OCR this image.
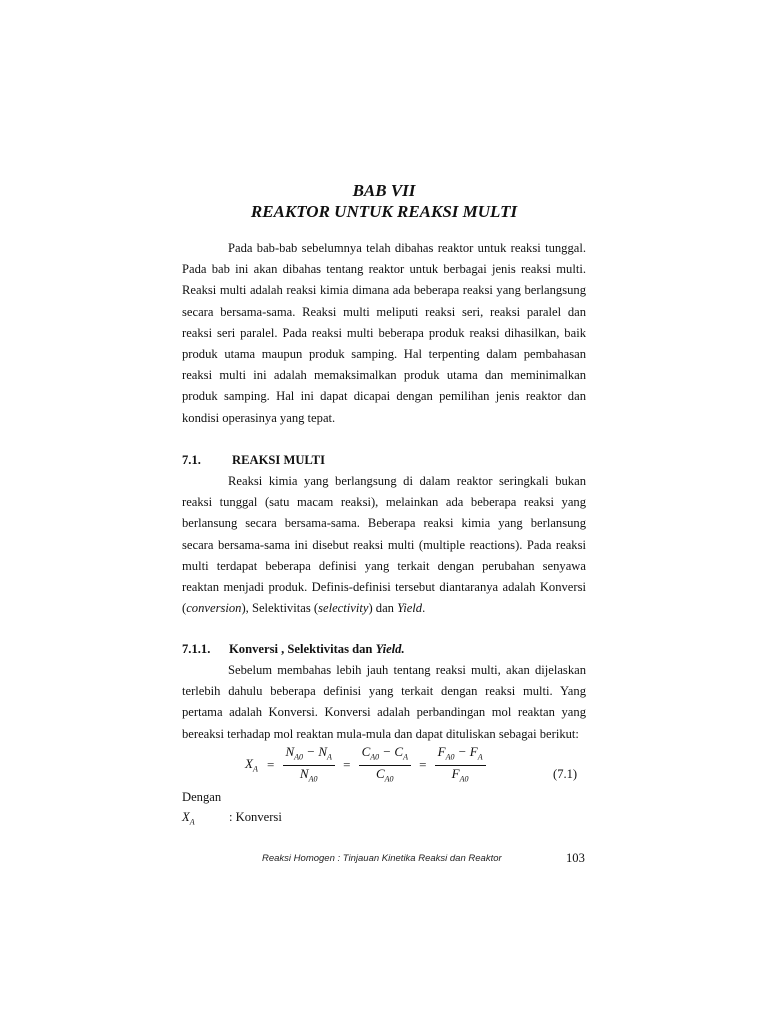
BAB VII
REAKTOR UNTUK REAKSI MULTI
Pada bab-bab sebelumnya telah dibahas reaktor untuk reaksi tunggal. Pada bab ini akan dibahas tentang reaktor untuk berbagai jenis reaksi multi. Reaksi multi adalah reaksi kimia dimana ada beberapa reaksi yang berlangsung secara bersama-sama. Reaksi multi meliputi reaksi seri, reaksi paralel dan reaksi seri paralel. Pada reaksi multi beberapa produk reaksi dihasilkan, baik produk utama maupun produk samping. Hal terpenting dalam pembahasan reaksi multi ini adalah memaksimalkan produk utama dan meminimalkan produk samping. Hal ini dapat dicapai dengan pemilihan jenis reaktor dan kondisi operasinya yang tepat.
7.1. REAKSI MULTI
Reaksi kimia yang berlangsung di dalam reaktor seringkali bukan reaksi tunggal (satu macam reaksi), melainkan ada beberapa reaksi yang berlansung secara bersama-sama. Beberapa reaksi kimia yang berlansung secara bersama-sama ini disebut reaksi multi (multiple reactions). Pada reaksi multi terdapat beberapa definisi yang terkait dengan perubahan senyawa reaktan menjadi produk. Definis-definisi tersebut diantaranya adalah Konversi (conversion), Selektivitas (selectivity) dan Yield.
7.1.1. Konversi , Selektivitas dan Yield.
Sebelum membahas lebih jauh tentang reaksi multi, akan dijelaskan terlebih dahulu beberapa definisi yang terkait dengan reaksi multi. Yang pertama adalah Konversi. Konversi adalah perbandingan mol reaktan yang bereaksi terhadap mol reaktan mula-mula dan dapat dituliskan sebagai berikut:
$X_A = \frac{N_{A0} - N_A}{N_{A0}} = \frac{C_{A0} - C_A}{C_{A0}} = \frac{F_{A0} - F_A}{F_{A0}}$	(7.1)
Dengan
$X_A$	: Konversi
Reaksi Homogen : Tinjauan Kinetika Reaksi dan Reaktor	103
